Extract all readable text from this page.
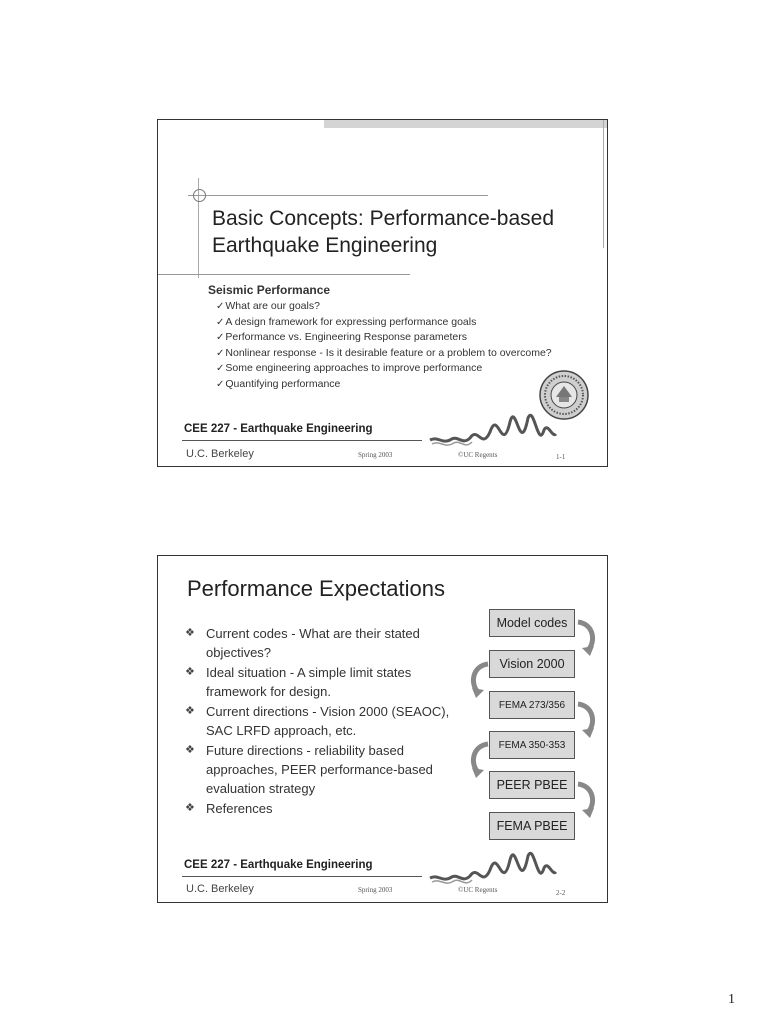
Basic Concepts: Performance-based
Earthquake Engineering
Seismic Performance
✓What are our goals?
✓A design framework for expressing performance goals
✓Performance vs. Engineering Response parameters
✓Nonlinear response - Is it desirable feature or a problem to overcome?
✓Some engineering approaches to improve performance
✓Quantifying performance
CEE 227 - Earthquake Engineering
U.C. Berkeley	Spring 2003	©UC Regents	1-1
Performance Expectations
❖ Current codes - What are their stated objectives?
❖ Ideal situation - A simple limit states framework for design.
❖ Current directions - Vision 2000 (SEAOC), SAC LRFD approach, etc.
❖ Future directions - reliability based approaches, PEER performance-based evaluation strategy
❖ References
Model codes
Vision 2000
FEMA 273/356
FEMA 350-353
PEER PBEE
FEMA PBEE
CEE 227 - Earthquake Engineering
U.C. Berkeley	Spring 2003	©UC Regents	2-2
1
